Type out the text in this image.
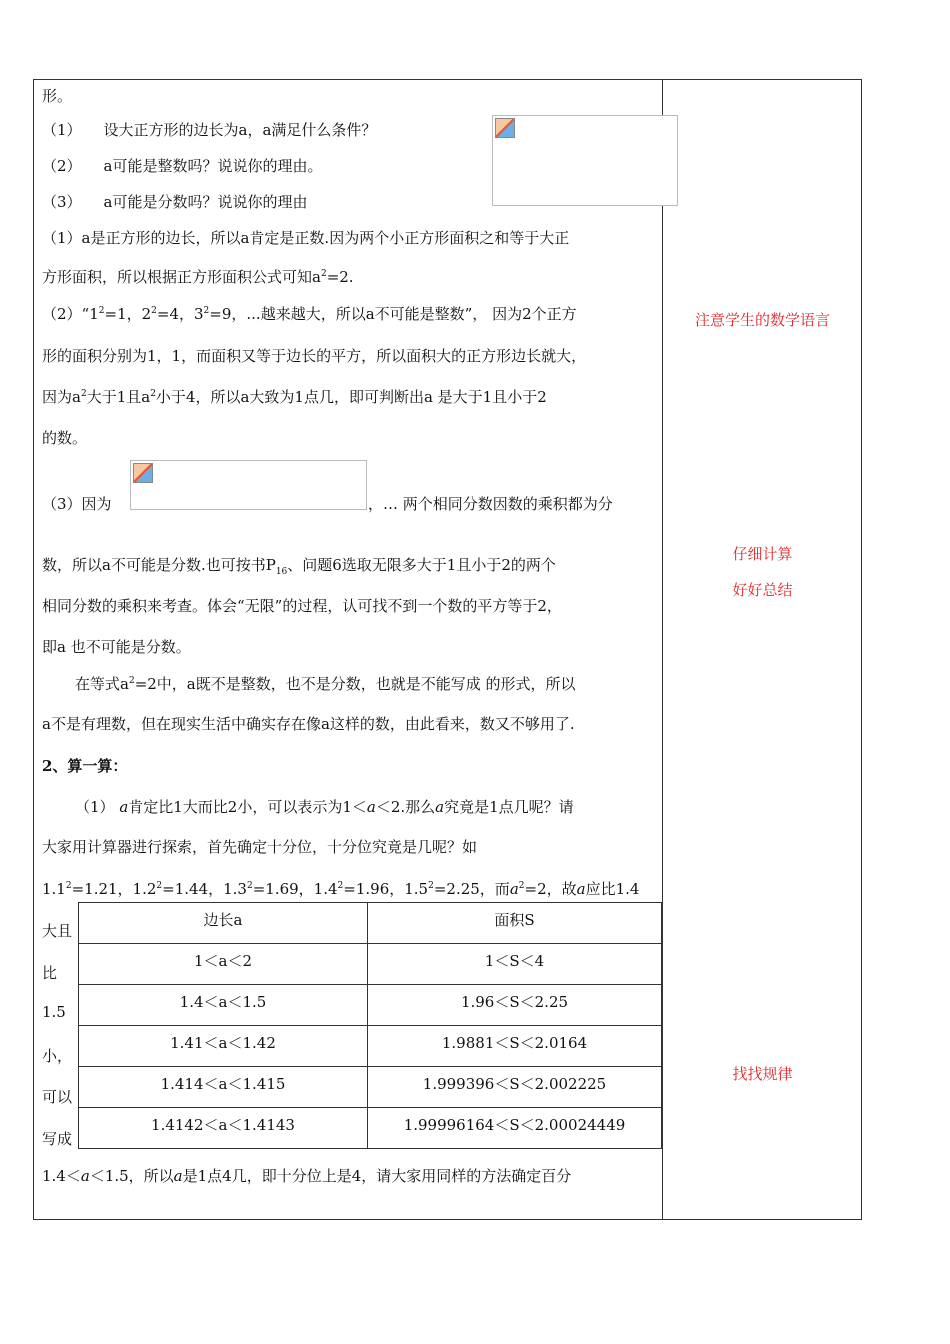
形。
（1） 设大正方形的边长为a，a满足什么条件？
（2） a可能是整数吗？说说你的理由。
（3） a可能是分数吗？说说你的理由
（1）a是正方形的边长，所以a肯定是正数.因为两个小正方形面积之和等于大正
方形面积，所以根据正方形面积公式可知$a^2=2$.
$(2)“1^2=1$，$2^2=4$，$3^2=9$，...越来越大，所以a不可能是整数”， 因为2个正方
形的面积分别为1，1，而面积又等于边长的平方，所以面积大的正方形边长就大，
因为$a^2$大于1且$a^2$小于4，所以a大致为1点几，即可判断出a 是大于1且小于2
的数。
（3）因为	，… 两个相同分数因数的乘积都为分
数，所以a不可能是分数.也可按书$P_{16}$、问题6选取无限多大于1且小于2的两个
相同分数的乘积来考查。体会“无限”的过程，认可找不到一个数的平方等于2，
即a 也不可能是分数。
在等式$a^2=2$中，a既不是整数，也不是分数，也就是不能写成 的形式，所以
a不是有理数，但在现实生活中确实存在像a这样的数，由此看来，数又不够用了.
2、算一算：
（1） a肯定比1大而比2小，可以表示为1＜a＜2.那么a究竟是1点几呢？请
大家用计算器进行探索，首先确定十分位，十分位究竟是几呢？如
$1.1^2=1.21$，$1.2^2=1.44$，$1.3^2=1.69$，$1.4^2=1.96$，$1.5^2=2.25$，而$a^2=2$，故a应比1.4
大且
比
1.5
小，
可以
写成
边长a	面积S
1＜a＜2	1＜S＜4
1.4＜a＜1.5	1.96＜S＜2.25
1.41＜a＜1.42	1.9881＜S＜2.0164
1.414＜a＜1.415	1.999396＜S＜2.002225
1.4142＜a＜1.4143	1.99996164＜S＜2.00024449
1.4＜a＜1.5，所以a是1点4几，即十分位上是4，请大家用同样的方法确定百分
注意学生的数学语言
仔细计算
好好总结
找找规律
